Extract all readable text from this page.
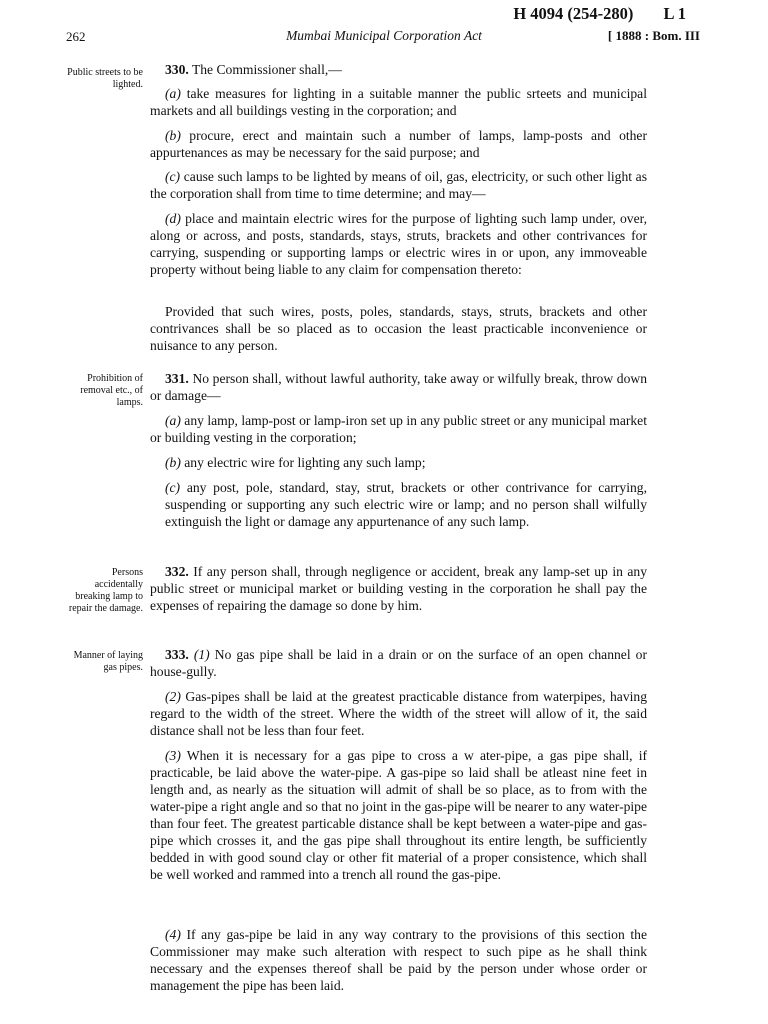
H 4094 (254-280) L 1
262	Mumbai Municipal Corporation Act	[ 1888 : Bom. III
Public streets to be lighted.

330. The Commissioner shall,—

(a) take measures for lighting in a suitable manner the public srteets and municipal markets and all buildings vesting in the corporation; and

(b) procure, erect and maintain such a number of lamps, lamp-posts and other appurtenances as may be necessary for the said purpose; and

(c) cause such lamps to be lighted by means of oil, gas, electricity, or such other light as the corporation shall from time to time determine; and may—

(d) place and maintain electric wires for the purpose of lighting such lamp under, over, along or across, and posts, standards, stays, struts, brackets and other contrivances for carrying, suspending or supporting lamps or electric wires in or upon, any immoveable property without being liable to any claim for compensation thereto:

Provided that such wires, posts, poles, standards, stays, struts, brackets and other contrivances shall be so placed as to occasion the least practicable inconvenience or nuisance to any person.

Prohibition of removal etc., of lamps.

331. No person shall, without lawful authority, take away or wilfully break, throw down or damage—

(a) any lamp, lamp-post or lamp-iron set up in any public street or any municipal market or building vesting in the corporation;

(b) any electric wire for lighting any such lamp;

(c) any post, pole, standard, stay, strut, brackets or other contrivance for carrying, suspending or supporting any such electric wire or lamp; and no person shall wilfully extinguish the light or damage any appurtenance of any such lamp.

Persons accidentally breaking lamp to repair the damage.

332. If any person shall, through negligence or accident, break any lamp-set up in any public street or municipal market or building vesting in the corporation he shall pay the expenses of repairing the damage so done by him.

Manner of laying gas pipes.

333. (1) No gas pipe shall be laid in a drain or on the surface of an open channel or house-gully.

(2) Gas-pipes shall be laid at the greatest practicable distance from waterpipes, having regard to the width of the street. Where the width of the street will allow of it, the said distance shall not be less than four feet.

(3) When it is necessary for a gas pipe to cross a w ater-pipe, a gas pipe shall, if practicable, be laid above the water-pipe. A gas-pipe so laid shall be atleast nine feet in length and, as nearly as the situation will admit of shall be so place, as to from with the water-pipe a right angle and so that no joint in the gas-pipe will be nearer to any water-pipe than four feet. The greatest particable distance shall be kept between a water-pipe and gas-pipe which crosses it, and the gas pipe shall throughout its entire length, be sufficiently bedded in with good sound clay or other fit material of a proper consistence, which shall be well worked and rammed into a trench all round the gas-pipe.

(4) If any gas-pipe be laid in any way contrary to the provisions of this section the Commissioner may make such alteration with respect to such pipe as he shall think necessary and the expenses thereof shall be paid by the person under whose order or management the pipe has been laid.
